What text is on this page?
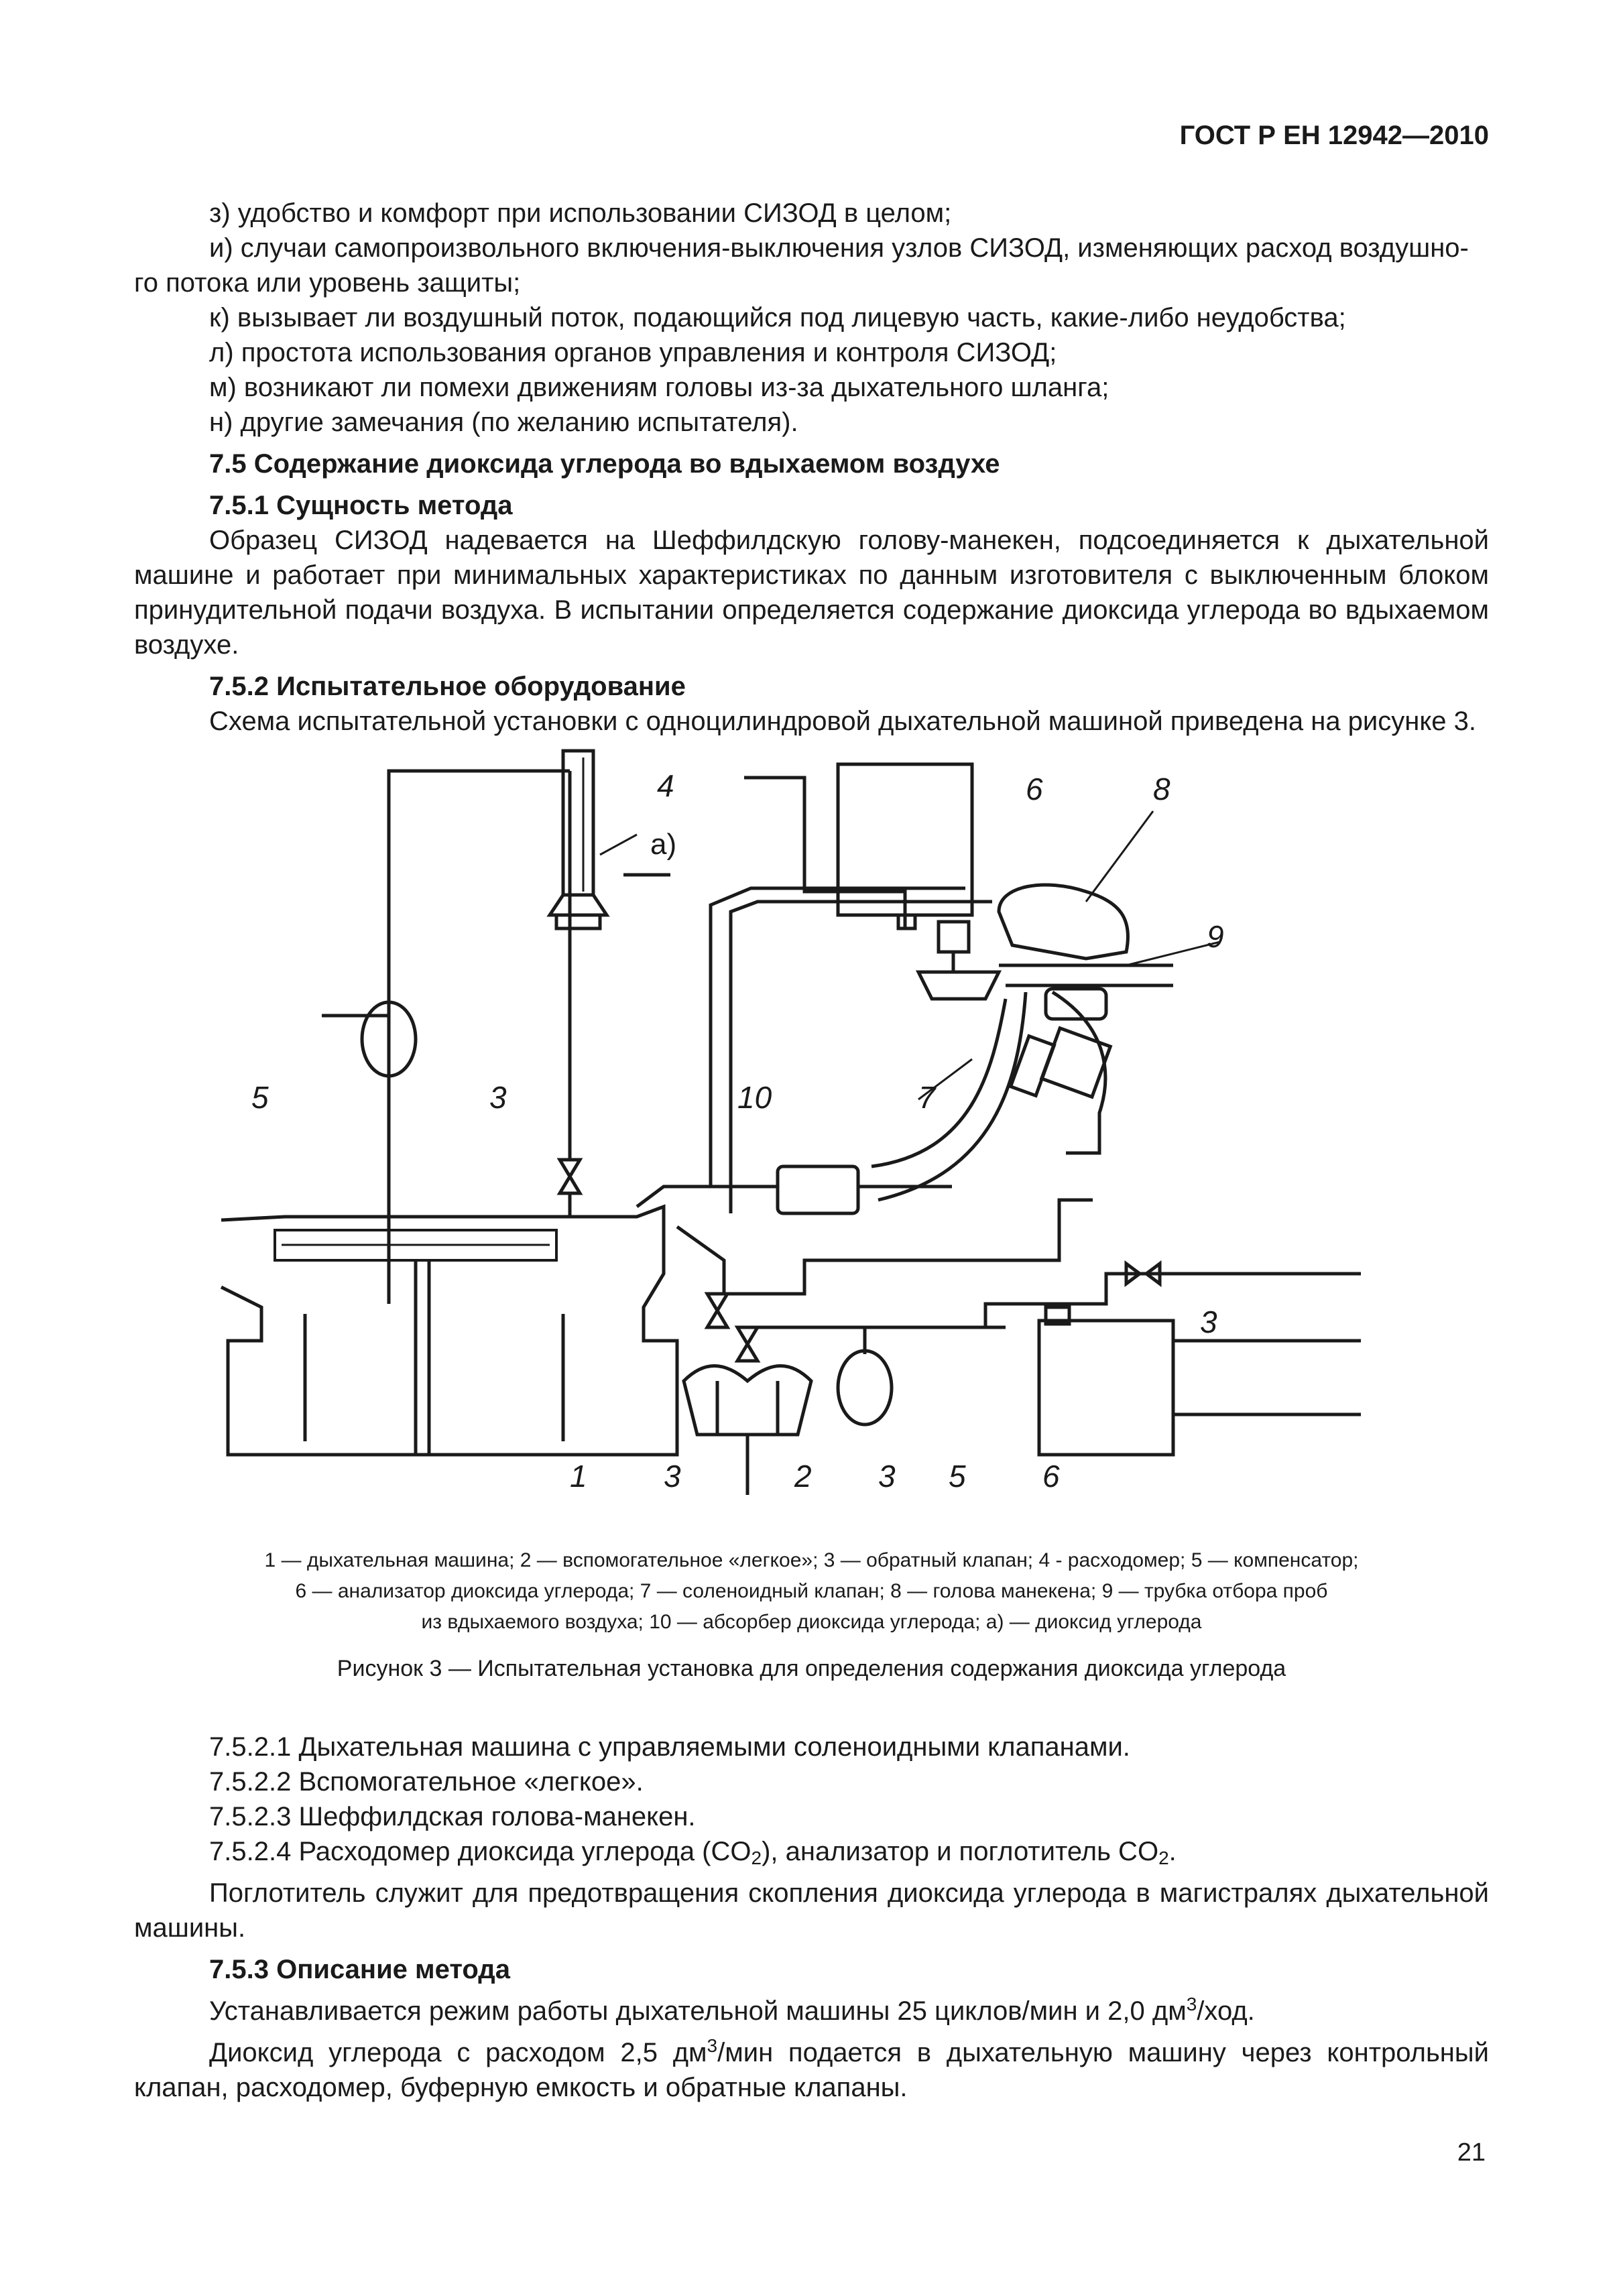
ГОСТ Р ЕН 12942—2010

з) удобство и комфорт при использовании СИЗОД в целом;

и) случаи самопроизвольного включения-выключения узлов СИЗОД, изменяющих расход воздушно-

го потока или уровень защиты;

к) вызывает ли воздушный поток, подающийся под лицевую часть, какие-либо неудобства;

л) простота использования органов управления и контроля СИЗОД;

м) возникают ли помехи движениям головы из-за дыхательного шланга;

н) другие замечания (по желанию испытателя).

7.5 Содержание диоксида углерода во вдыхаемом воздухе

7.5.1 Сущность метода

Образец СИЗОД надевается на Шеффилдскую голову-манекен, подсоединяется к дыхательной машине и работает при минимальных характеристиках по данным изготовителя с выключенным блоком принудительной подачи воздуха. В испытании определяется содержание диоксида углерода во вдыхаемом воздухе.

7.5.2 Испытательное оборудование

Схема испытательной установки с одноцилиндровой дыхательной машиной приведена на рисунке 3.

4
а)
6	8
9
5	3	10	7
3
1 3	2 3 5 6
1 — дыхательная машина; 2 — вспомогательное «легкое»; 3 — обратный клапан; 4 - расходомер; 5 — компенсатор;
6 — анализатор диоксида углерода; 7 — соленоидный клапан; 8 — голова манекена; 9 — трубка отбора проб
из вдыхаемого воздуха; 10 — абсорбер диоксида углерода; а) — диоксид углерода
Рисунок 3 — Испытательная установка для определения содержания диоксида углерода

7.5.2.1 Дыхательная машина с управляемыми соленоидными клапанами.

7.5.2.2 Вспомогательное «легкое».

7.5.2.3 Шеффилдская голова-манекен.

7.5.2.4 Расходомер диоксида углерода $(CO_2)$, анализатор и поглотитель $CO_2$.

Поглотитель служит для предотвращения скопления диоксида углерода в магистралях дыхательной машины.

7.5.3 Описание метода

Устанавливается режим работы дыхательной машины 25 циклов/мин и 2,0 $дм^3$/ход.

Диоксид углерода с расходом 2,5 $дм^3$/мин подается в дыхательную машину через контрольный клапан, расходомер, буферную емкость и обратные клапаны.

21
